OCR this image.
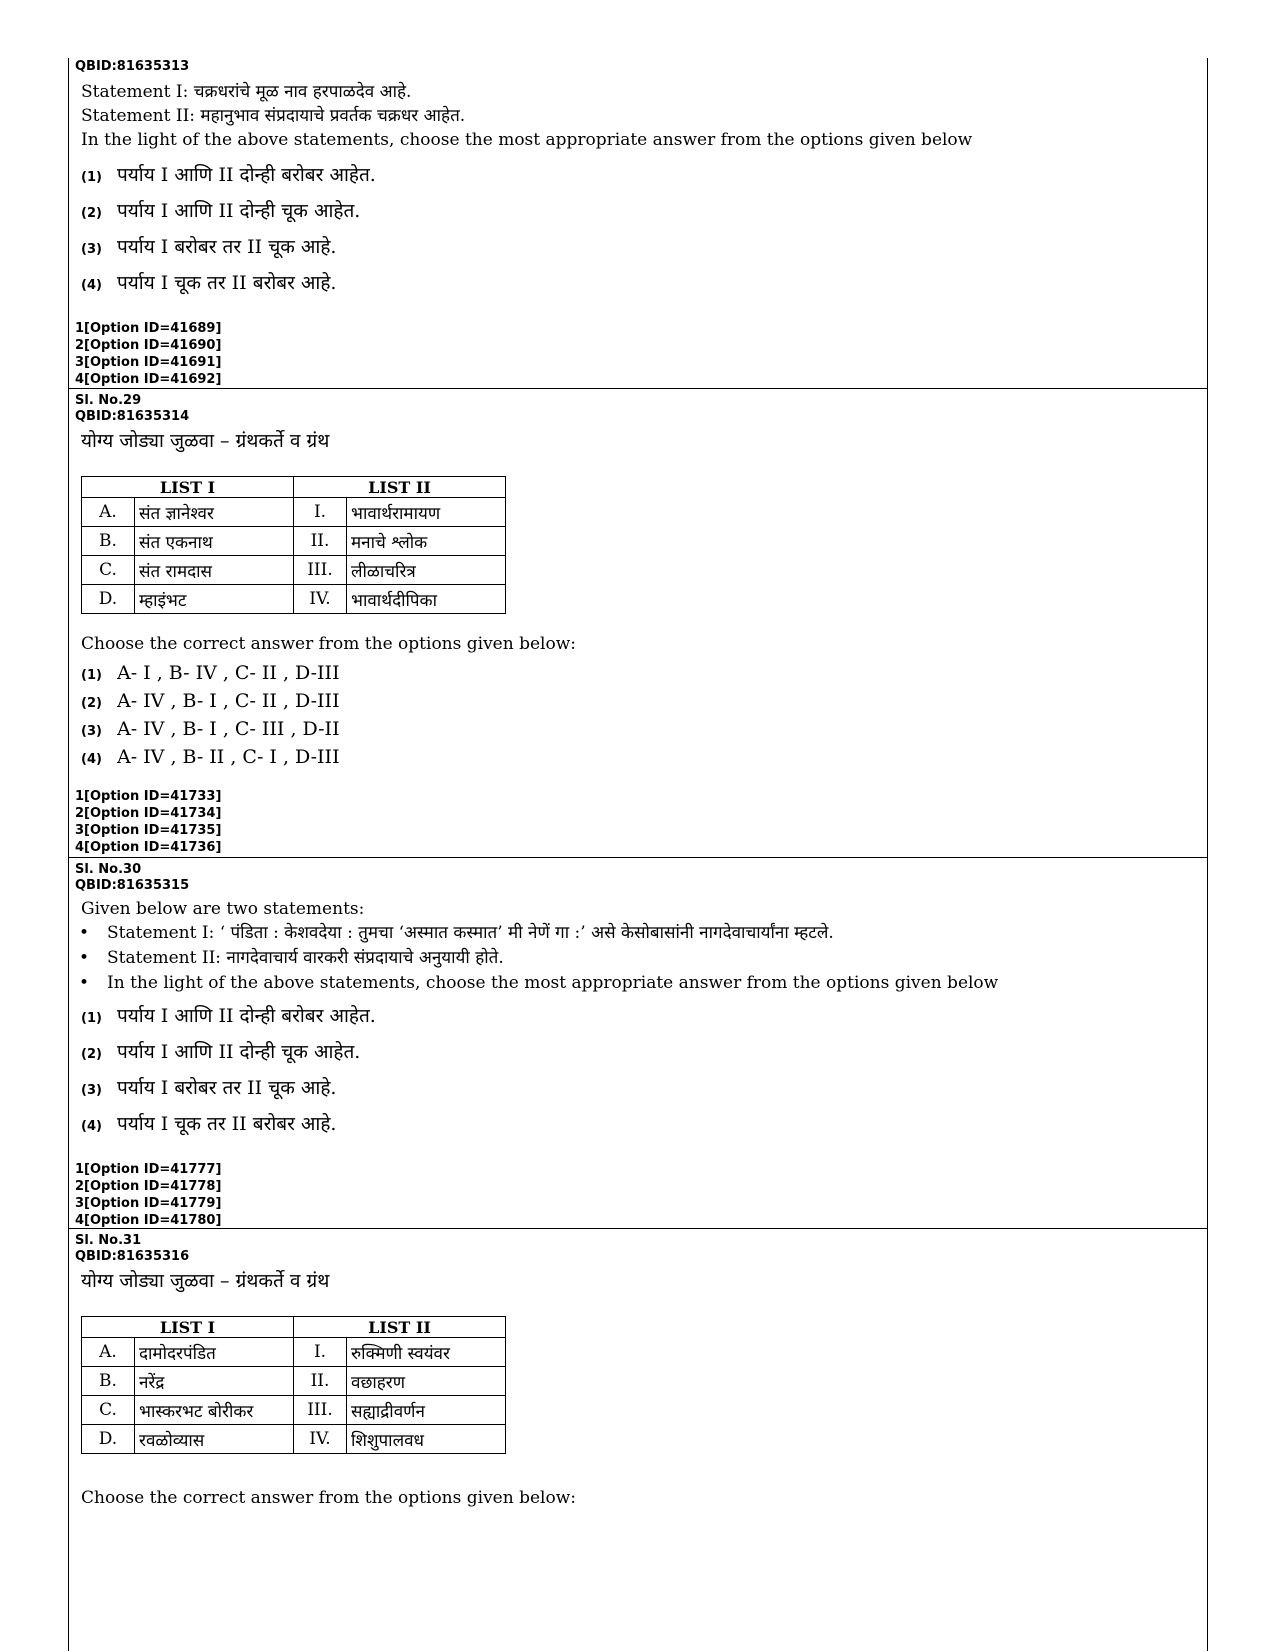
QBID:81635313
Statement I: चक्रधरांचे मूळ नाव हरपाळदेव आहे.
Statement II: महानुभाव संप्रदायाचे प्रवर्तक चक्रधर आहेत.
In the light of the above statements, choose the most appropriate answer from the options given below
(1) पर्याय I आणि II दोन्ही बरोबर आहेत.
(2) पर्याय I आणि II दोन्ही चूक आहेत.
(3) पर्याय I बरोबर तर II चूक आहे.
(4) पर्याय I चूक तर II बरोबर आहे.
1[Option ID=41689]
2[Option ID=41690]
3[Option ID=41691]
4[Option ID=41692]
Sl. No.29
QBID:81635314
योग्य जोड्या जुळवा – ग्रंथकर्ते व ग्रंथ
LIST I		LIST II	
A.	संत ज्ञानेश्वर	I.	भावार्थरामायण
B.	संत एकनाथ	II.	मनाचे श्लोक
C.	संत रामदास	III.	लीळाचरित्र
D.	म्हाइंभट	IV.	भावार्थदीपिका
Choose the correct answer from the options given below:
(1) A- I , B- IV , C- II , D-III
(2) A- IV , B- I , C- II , D-III
(3) A- IV , B- I , C- III , D-II
(4) A- IV , B- II , C- I , D-III
1[Option ID=41733]
2[Option ID=41734]
3[Option ID=41735]
4[Option ID=41736]
Sl. No.30
QBID:81635315
Given below are two statements:
• Statement I: ‘ पंडिता : केशवदेया : तुमचा ‘अस्मात कस्मात’ मी नेणें गा :’ असे केसोबासांनी नागदेवाचार्यांना म्हटले.
• Statement II: नागदेवाचार्य वारकरी संप्रदायाचे अनुयायी होते.
• In the light of the above statements, choose the most appropriate answer from the options given below
(1) पर्याय I आणि II दोन्ही बरोबर आहेत.
(2) पर्याय I आणि II दोन्ही चूक आहेत.
(3) पर्याय I बरोबर तर II चूक आहे.
(4) पर्याय I चूक तर II बरोबर आहे.
1[Option ID=41777]
2[Option ID=41778]
3[Option ID=41779]
4[Option ID=41780]
Sl. No.31
QBID:81635316
योग्य जोड्या जुळवा – ग्रंथकर्ते व ग्रंथ
LIST I		LIST II	
A.	दामोदरपंडित	I.	रुक्मिणी स्वयंवर
B.	नरेंद्र	II.	वछाहरण
C.	भास्करभट बोरीकर	III.	सह्याद्रीवर्णन
D.	रवळोव्यास	IV.	शिशुपालवध
Choose the correct answer from the options given below:
